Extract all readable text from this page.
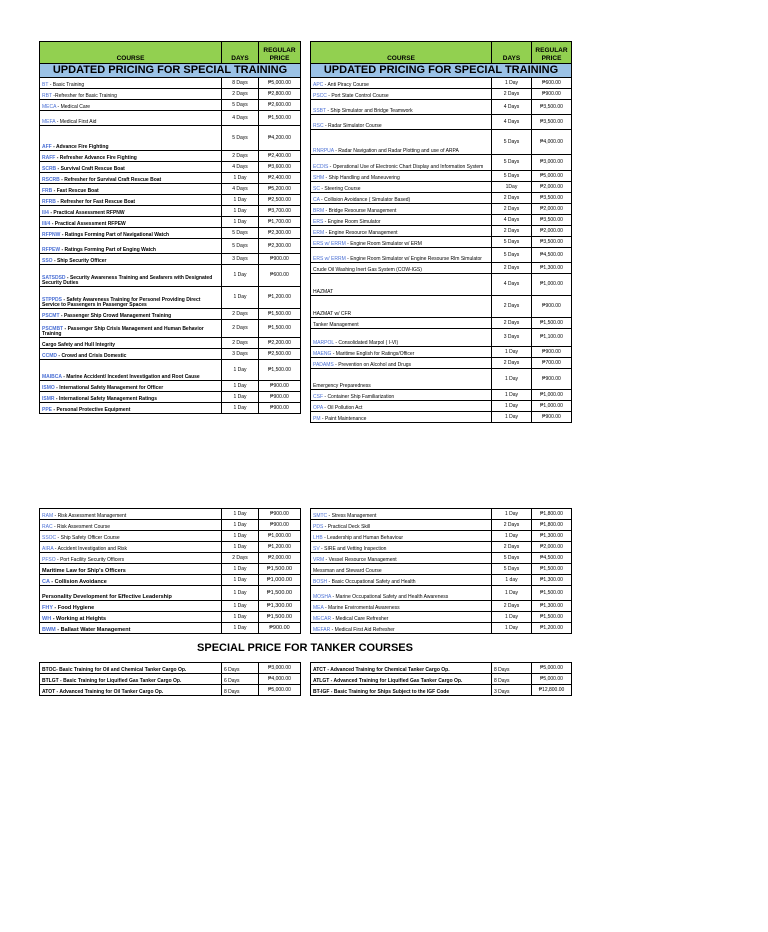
COURSE	DAYS	REGULAR PRICE
UPDATED PRICING FOR SPECIAL TRAINING		
BT - Basic Training	8 Days	₱5,000.00
RBT -Refresher for Basic Training	2 Days	₱2,800.00
MECA - Medical Care	5 Days	₱2,600.00
MEFA - Medical First Aid	4 Days	₱1,500.00
AFF - Advance Fire Fighting	5 Days	₱4,200.00
RAFF - Refresher Advance Fire Fighting	2 Days	₱2,400.00
SCRB - Survival Craft Rescue Boat	4 Days	₱3,600.00
RSCRB - Refresher for Survival Craft Rescue Boat	1 Day	₱2,400.00
FRB - Fast Rescue Boat	4 Days	₱5,200.00
RFRB - Refresher for Fast Rescue Boat	1 Day	₱2,500.00
II/4 - Practical Assessment RFPNW	1 Day	₱3,700.00
III/4 - Practical Assessment RFPEW	1 Day	₱1,700.00
RFPNW - Ratings Forming Part of Navigational Watch	5 Days	₱2,300.00
RFPEW - Ratings Forming Part of Enging Watch	5 Days	₱2,300.00
SSO - Ship Security Officer	3 Days	₱900.00
SATSDSD - Security Awareness Training and Seafarers with Designated Security Duties	1 Day	₱600.00
STPPDS - Safety Awareness Training for Personel Providing Direct Service to Passengers in Passenger Spaces	1 Day	₱1,200.00
PSCMT - Passenger Ship Crowd Management Training	2 Days	₱1,500.00
PSCMBT - Passenger Ship Crisis Management and Human Behavior Training	2 Days	₱1,500.00
Cargo Safety and Hull Integrity	2 Days	₱2,200.00
CCMD - Crowd and Crisis Domestic	3 Days	₱2,500.00
MAIBCA - Marine Accident/ Incedent Investigation and Root Cause	1 Day	₱1,500.00
ISMO - International Safety Management for Officer	1 Day	₱900.00
ISMR - International Safety Management Ratings	1 Day	₱900.00
PPE - Personal Protective Equipment	1 Day	₱900.00
COURSE	DAYS	REGULAR PRICE
UPDATED PRICING FOR SPECIAL TRAINING		
APC - Anti Piracy Course	1 Day	₱600.00
PSCC - Port State Control Course	2 Days	₱900.00
SSBT - Ship Simulator and Bridge Teamwork	4 Days	₱3,500.00
RSC - Radar Simulator Course	4 Days	₱3,500.00
RNRPUA - Radar Navigation and Radar Plotting and use of ARPA	5 Days	₱4,000.00
ECDIS - Operational Use of Electronic Chart Display and Information System	5 Days	₱3,000.00
SHM - Ship Handling and Maneuvering	5 Days	₱5,000.00
SC - Steering Course	1Day	₱2,000.00
CA - Collision Avoidance ( Simulator Based)	2 Days	₱3,500.00
BRM - Bridge Resourse Management	2 Days	₱2,000.00
ERS - Engine Room Simulator	4 Days	₱3,500.00
ERM - Engine Resource Management	2 Days	₱2,000.00
ERS w/ ERRM - Engine Room Simulator w/ ERM	5 Days	₱3,500.00
ERS w/ ERRM - Engine Room Simulator w/ Engine Resourse Rlm Simulator	5 Days	₱4,500.00
Crude Oil Washing Inert Gas System (COW-IGS)	2 Days	₱1,300.00
HAZMAT	4 Days	₱1,000.00
HAZMAT w/ CFR	2 Days	₱900.00
Tanker Management	2 Days	₱1,500.00
MARPOL - Consolidated Marpol ( I-VI)	3 Days	₱1,100.00
MAENG - Maritime English for Ratings/Officer	1 Day	₱900.00
PADAMS - Prevention on Alcohol and Drugs	2 Days	₱700.00
Emergency Preparedness	1 Day	₱900.00
CSF - Container Ship Familiarization	1 Day	₱1,000.00
OPA - Oil Pollution Act	1 Day	₱1,000.00
PM - Paint Maintenance	1 Day	₱900.00
RAM - Risk Assessment Management	1 Day	₱900.00
RAC - Risk Assesment Course	1 Day	₱900.00
SSOC - Ship Safety Officer Course	1 Day	₱1,000.00
AIRA - Accident Investigation and Risk	1 Day	₱1,200.00
PFSO - Port Facility Security Officers	2 Days	₱2,000.00
Maritime Law for Ship's Officers	1 Day	₱1,500.00
CA - Collision Avoidance	1 Day	₱1,000.00
Personality Development for Effective Leadership	1 Day	₱1,500.00
FHY - Food Hygiene	1 Day	₱1,300.00
WH - Working at Heights	1 Day	₱1,500.00
BWM - Ballast Water Management	1 Day	₱900.00
SMTC - Stress Management	1 Day	₱1,800.00
PDS - Practical Deck Skill	2 Days	₱1,800.00
LHB - Leadership and Human Behaviour	1 Day	₱1,300.00
SV - SIRE and Vetting Inspection	2 Days	₱2,000.00
VRM - Vessel Resource Management	5 Days	₱4,500.00
Messman and Steward Course	5 Days	₱1,500.00
BOSH - Basic Occupational Safety and Health	1 day	₱1,300.00
MOSHA - Marine Occupational Safety and Health Awareness	1 Day	₱1,500.00
MEA - Marine Enviromental Awareness	2 Days	₱1,300.00
MECAR - Medical Care Refresher	1 Day	₱1,500.00
MEFAR - Medical First Aid Refresher	1 Day	₱1,200.00
SPECIAL PRICE FOR TANKER COURSES
BTOC- Basic Training for Oil and Chemical Tanker Cargo Op.	6 Days	₱3,000.00
BTLGT - Basic Training for Liquified Gas Tanker Cargo Op.	6 Days	₱4,000.00
ATOT - Advanced Training for Oil Tanker Cargo Op.	8 Days	₱5,000.00
ATCT - Advanced Training for Chemical Tanker Cargo Op.	8 Days	₱5,000.00
ATLGT - Advanced Training for Liquified Gas Tanker Cargo Op.	8 Days	₱5,000.00
BT-IGF - Basic Training for Ships Subject to the IGF Code	3 Days	₱12,800.00
